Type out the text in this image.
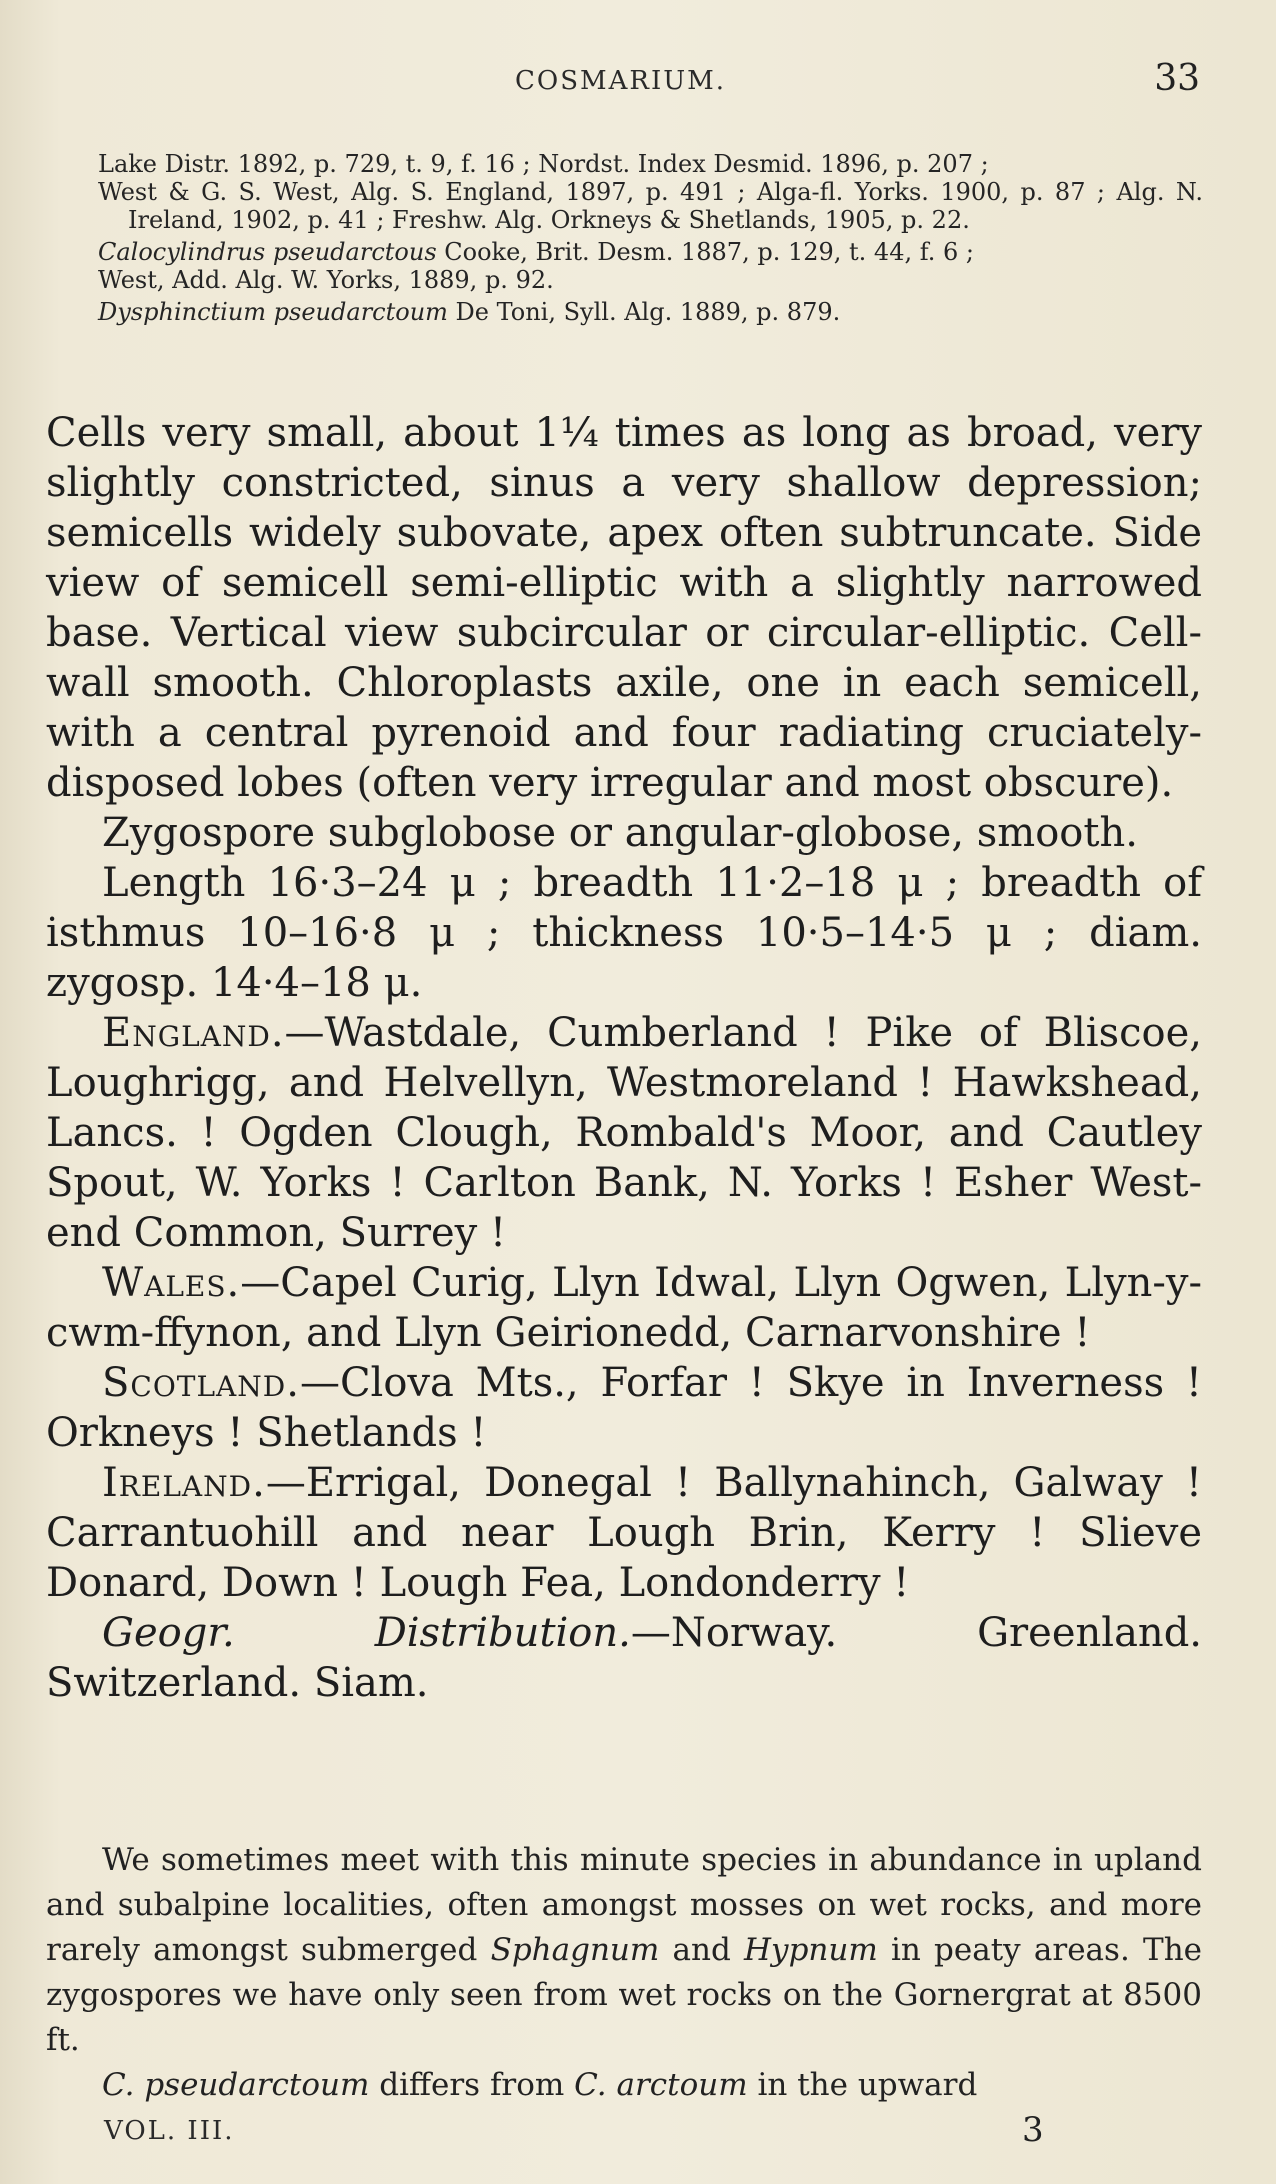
COSMARIUM.	33

Lake Distr. 1892, p. 729, t. 9, f. 16 ; Nordst. Index Desmid. 1896, p. 207 ;
West & G. S. West, Alg. S. England, 1897, p. 491 ; Alga-fl. Yorks. 1900, p. 87 ; Alg. N. Ireland, 1902, p. 41 ; Freshw. Alg. Orkneys & Shetlands, 1905, p. 22.

Calocylindrus pseudarctous Cooke, Brit. Desm. 1887, p. 129, t. 44, f. 6 ;
West, Add. Alg. W. Yorks, 1889, p. 92.

Dysphinctium pseudarctoum De Toni, Syll. Alg. 1889, p. 879.

Cells very small, about 1¼ times as long as broad, very slightly constricted, sinus a very shallow depression; semicells widely subovate, apex often subtruncate. Side view of semicell semi-elliptic with a slightly narrowed base. Vertical view subcircular or circular-elliptic. Cell-wall smooth. Chloroplasts axile, one in each semicell, with a central pyrenoid and four radiating cruciately-disposed lobes (often very irregular and most obscure).

Zygospore subglobose or angular-globose, smooth.

Length 16·3–24 μ ; breadth 11·2–18 μ ; breadth of isthmus 10–16·8 μ ; thickness 10·5–14·5 μ ; diam. zygosp. 14·4–18 μ.

England.—Wastdale, Cumberland ! Pike of Bliscoe, Loughrigg, and Helvellyn, Westmoreland ! Hawkshead, Lancs. ! Ogden Clough, Rombald's Moor, and Cautley Spout, W. Yorks ! Carlton Bank, N. Yorks ! Esher West-end Common, Surrey !

Wales.—Capel Curig, Llyn Idwal, Llyn Ogwen, Llyn-y-cwm-ffynon, and Llyn Geirionedd, Carnarvonshire !

Scotland.—Clova Mts., Forfar ! Skye in Inverness ! Orkneys ! Shetlands !

Ireland.—Errigal, Donegal ! Ballynahinch, Galway ! Carrantuohill and near Lough Brin, Kerry ! Slieve Donard, Down ! Lough Fea, Londonderry !

Geogr. Distribution.—Norway. Greenland. Switzerland. Siam.

We sometimes meet with this minute species in abundance in upland and subalpine localities, often amongst mosses on wet rocks, and more rarely amongst submerged Sphagnum and Hypnum in peaty areas. The zygospores we have only seen from wet rocks on the Gornergrat at 8500 ft.

C. pseudarctoum differs from C. arctoum in the upward

VOL. III.	3
